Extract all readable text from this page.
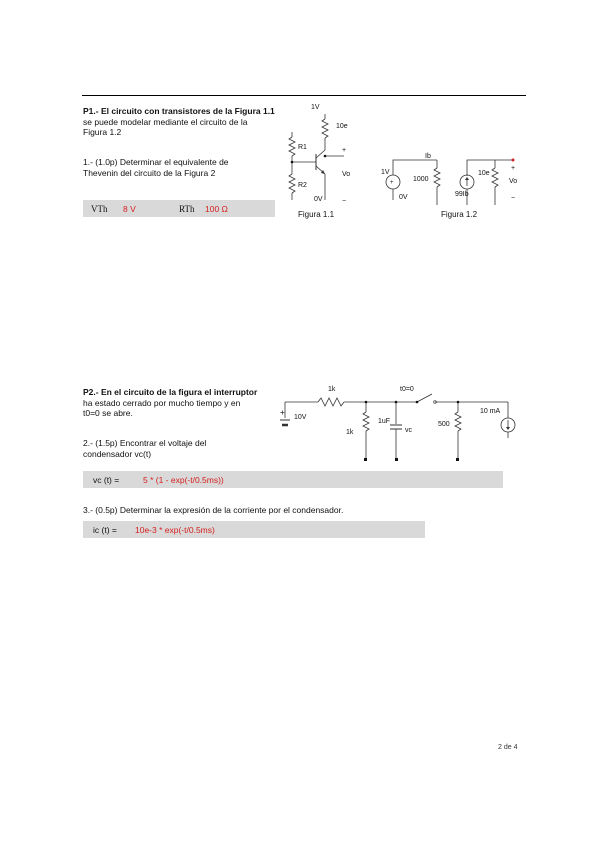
P1.- El circuito con transistores de la Figura 1.1
se puede modelar mediante el circuito de la
Figura 1.2
1.- (1.0p) Determinar el equivalente de
Thevenin del circuito de la Figura 2
VTh 8 V	RTh 100 Ω
1V
10e
R1	+
Vo
R2
0V	−
Figura 1.1
+
1V
0V
1000
Ib
99Ib
10e
+
Vo
−
Figura 1.2
P2.- En el circuito de la figura el interruptor
ha estado cerrado por mucho tiempo y en
t0=0 se abre.
2.- (1.5p) Encontrar el voltaje del
condensador vc(t)
1k	t0=0
+
10V
1k
1uF
vc
500
10 mA
vc (t) =	5 * (1 - exp(-t/0.5ms))
3.- (0.5p) Determinar la expresión de la corriente por el condensador.
ic (t) = 10e-3 * exp(-t/0.5ms)
2 de 4
